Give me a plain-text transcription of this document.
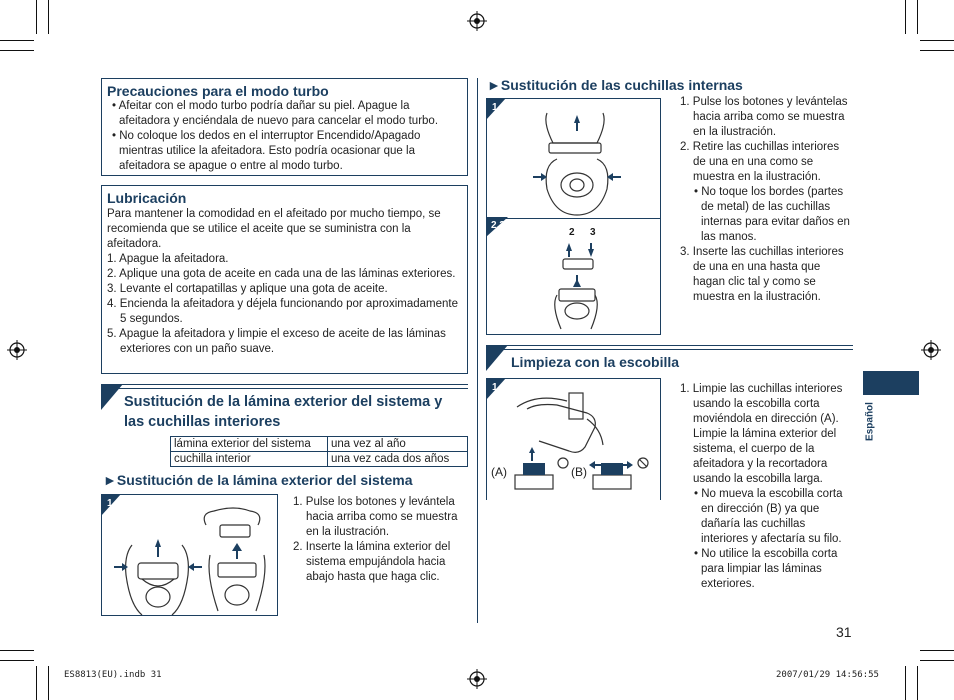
Precauciones para el modo turbo
• Afeitar con el modo turbo podría dañar su piel. Apague la afeitadora y enciéndala de nuevo para cancelar el modo turbo.
• No coloque los dedos en el interruptor Encendido/Apagado mientras utilice la afeitadora. Esto podría ocasionar que la afeitadora se apague o entre al modo turbo.
Lubricación
Para mantener la comodidad en el afeitado por mucho tiempo, se recomienda que se utilice el aceite que se suministra con la afeitadora.
1. Apague la afeitadora.
2. Aplique una gota de aceite en cada una de las láminas exteriores.
3. Levante el cortapatillas y aplique una gota de aceite.
4. Encienda la afeitadora y déjela funcionando por aproximadamente 5 segundos.
5. Apague la afeitadora y limpie el exceso de aceite de las láminas exteriores con un paño suave.
Sustitución de la lámina exterior del sistema y
las cuchillas interiores
lámina exterior del sistema	una vez al año
cuchilla interior	una vez cada dos años
►Sustitución de la lámina exterior del sistema
1	1. Pulse los botones y levántela hacia arriba como se muestra en la ilustración.
2. Inserte la lámina exterior del sistema empujándola hacia abajo hasta que haga clic.
►Sustitución de las cuchillas internas
1
2.3
2 3
1. Pulse los botones y levántelas hacia arriba como se muestra en la ilustración.
2. Retire las cuchillas interiores de una en una como se muestra en la ilustración.
• No toque los bordes (partes de metal) de las cuchillas internas para evitar daños en las manos.
3. Inserte las cuchillas interiores de una en una hasta que hagan clic tal y como se muestra en la ilustración.
Limpieza con la escobilla
1
(A)	(B)
1. Limpie las cuchillas interiores usando la escobilla corta moviéndola en dirección (A).
Limpie la lámina exterior del sistema, el cuerpo de la afeitadora y la recortadora usando la escobilla larga.
• No mueva la escobilla corta en dirección (B) ya que dañaría las cuchillas interiores y afectaría su filo.
• No utilice la escobilla corta para limpiar las láminas exteriores.
Español
31
ES8813(EU).indb 31	2007/01/29 14:56:55
